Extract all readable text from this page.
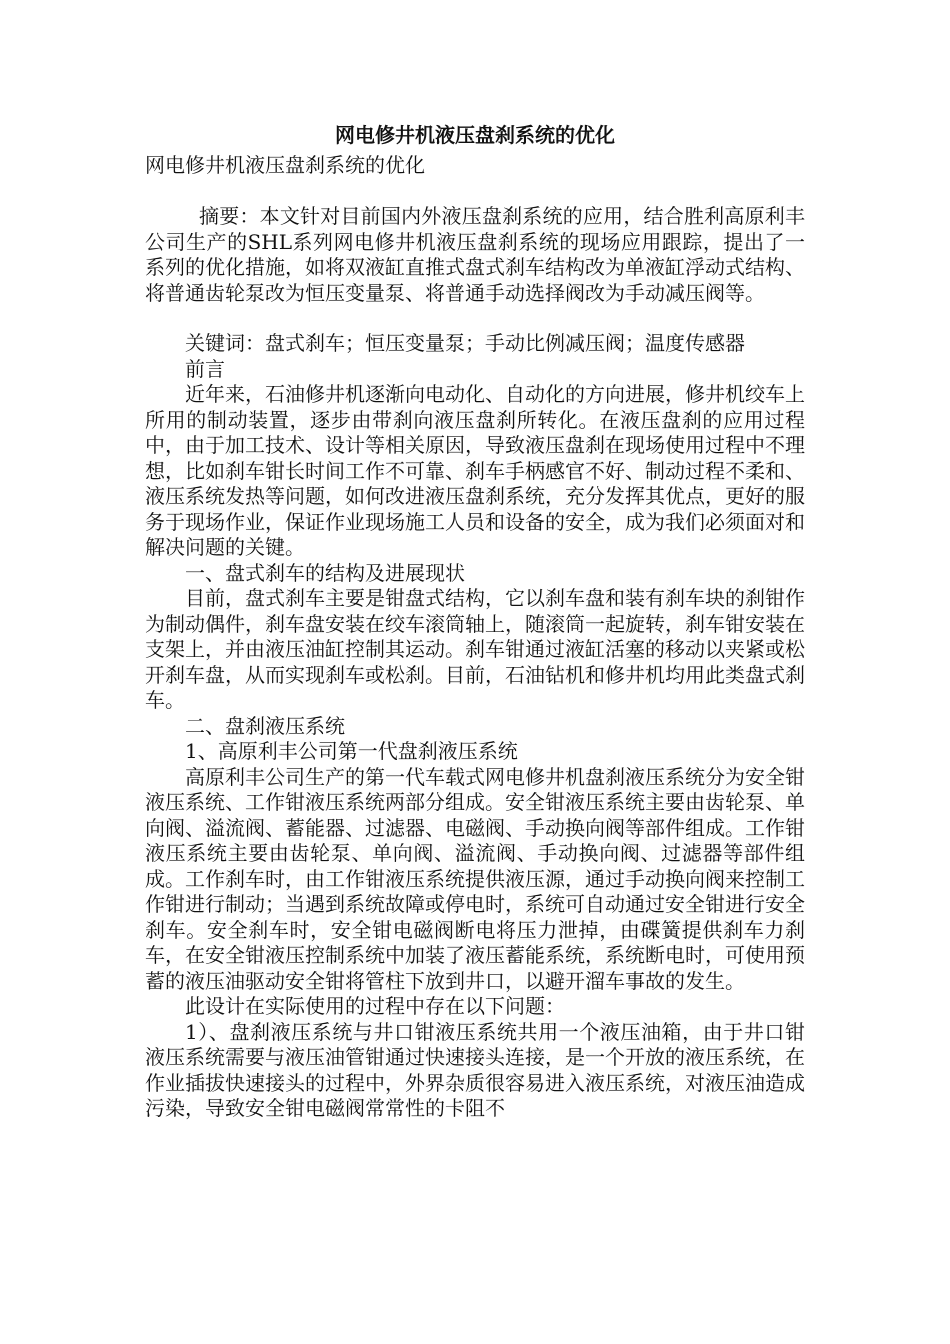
网电修井机液压盘刹系统的优化

网电修井机液压盘刹系统的优化

摘要：本文针对目前国内外液压盘刹系统的应用，结合胜利高原利丰公司生产的SHL系列网电修井机液压盘刹系统的现场应用跟踪，提出了一系列的优化措施，如将双液缸直推式盘式刹车结构改为单液缸浮动式结构、将普通齿轮泵改为恒压变量泵、将普通手动选择阀改为手动减压阀等。

关键词：盘式刹车；恒压变量泵；手动比例减压阀；温度传感器

前言

近年来，石油修井机逐渐向电动化、自动化的方向进展，修井机绞车上所用的制动装置，逐步由带刹向液压盘刹所转化。在液压盘刹的应用过程中，由于加工技术、设计等相关原因，导致液压盘刹在现场使用过程中不理想，比如刹车钳长时间工作不可靠、刹车手柄感官不好、制动过程不柔和、液压系统发热等问题，如何改进液压盘刹系统，充分发挥其优点，更好的服务于现场作业，保证作业现场施工人员和设备的安全，成为我们必须面对和解决问题的关键。

一、盘式刹车的结构及进展现状

目前，盘式刹车主要是钳盘式结构，它以刹车盘和装有刹车块的刹钳作为制动偶件，刹车盘安装在绞车滚筒轴上，随滚筒一起旋转，刹车钳安装在支架上，并由液压油缸控制其运动。刹车钳通过液缸活塞的移动以夹紧或松开刹车盘，从而实现刹车或松刹。目前，石油钻机和修井机均用此类盘式刹车。

二、盘刹液压系统

1、高原利丰公司第一代盘刹液压系统

高原利丰公司生产的第一代车载式网电修井机盘刹液压系统分为安全钳液压系统、工作钳液压系统两部分组成。安全钳液压系统主要由齿轮泵、单向阀、溢流阀、蓄能器、过滤器、电磁阀、手动换向阀等部件组成。工作钳液压系统主要由齿轮泵、单向阀、溢流阀、手动换向阀、过滤器等部件组成。工作刹车时，由工作钳液压系统提供液压源，通过手动换向阀来控制工作钳进行制动；当遇到系统故障或停电时，系统可自动通过安全钳进行安全刹车。安全刹车时，安全钳电磁阀断电将压力泄掉，由碟簧提供刹车力刹车，在安全钳液压控制系统中加装了液压蓄能系统，系统断电时，可使用预蓄的液压油驱动安全钳将管柱下放到井口，以避开溜车事故的发生。

此设计在实际使用的过程中存在以下问题：

1）、盘刹液压系统与井口钳液压系统共用一个液压油箱，由于井口钳液压系统需要与液压油管钳通过快速接头连接，是一个开放的液压系统，在作业插拔快速接头的过程中，外界杂质很容易进入液压系统，对液压油造成污染，导致安全钳电磁阀常常性的卡阻不
